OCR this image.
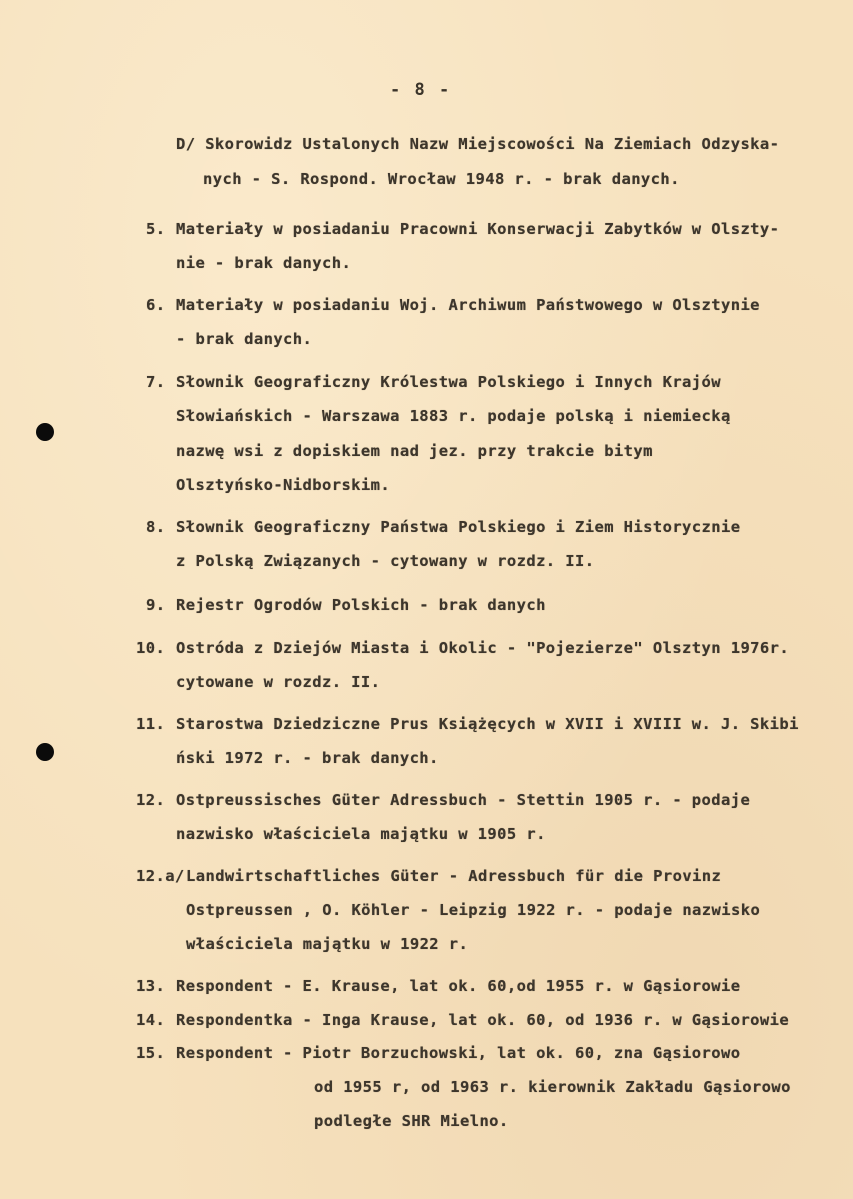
- 8 -
D/ Skorowidz Ustalonych Nazw Miejscowości Na Ziemiach Odzyska-
nych - S. Rospond. Wrocław 1948 r. - brak danych.
5. Materiały w posiadaniu Pracowni Konserwacji Zabytków w Olszty-
nie - brak danych.
6. Materiały w posiadaniu Woj. Archiwum Państwowego w Olsztynie
- brak danych.
7. Słownik Geograficzny Królestwa Polskiego i Innych Krajów
Słowiańskich - Warszawa 1883 r. podaje polską i niemiecką
nazwę wsi z dopiskiem nad jez. przy trakcie bitym
Olsztyńsko-Nidborskim.
8. Słownik Geograficzny Państwa Polskiego i Ziem Historycznie
z Polską Związanych - cytowany w rozdz. II.
9. Rejestr Ogrodów Polskich - brak danych
10. Ostróda z Dziejów Miasta i Okolic - "Pojezierze" Olsztyn 1976r.
cytowane w rozdz. II.
11. Starostwa Dziedziczne Prus Książęcych w XVII i XVIII w. J. Skibi
ński 1972 r. - brak danych.
12. Ostpreussisches Güter Adressbuch - Stettin 1905 r. - podaje
nazwisko właściciela majątku w 1905 r.
12.a/ Landwirtschaftliches Güter - Adressbuch für die Provinz
Ostpreussen , O. Köhler - Leipzig 1922 r. - podaje nazwisko
właściciela majątku w 1922 r.
13. Respondent - E. Krause, lat ok. 60,od 1955 r. w Gąsiorowie
14. Respondentka - Inga Krause, lat ok. 60, od 1936 r. w Gąsiorowie
15. Respondent - Piotr Borzuchowski, lat ok. 60, zna Gąsiorowo
od 1955 r, od 1963 r. kierownik Zakładu Gąsiorowo
podległe SHR Mielno.
